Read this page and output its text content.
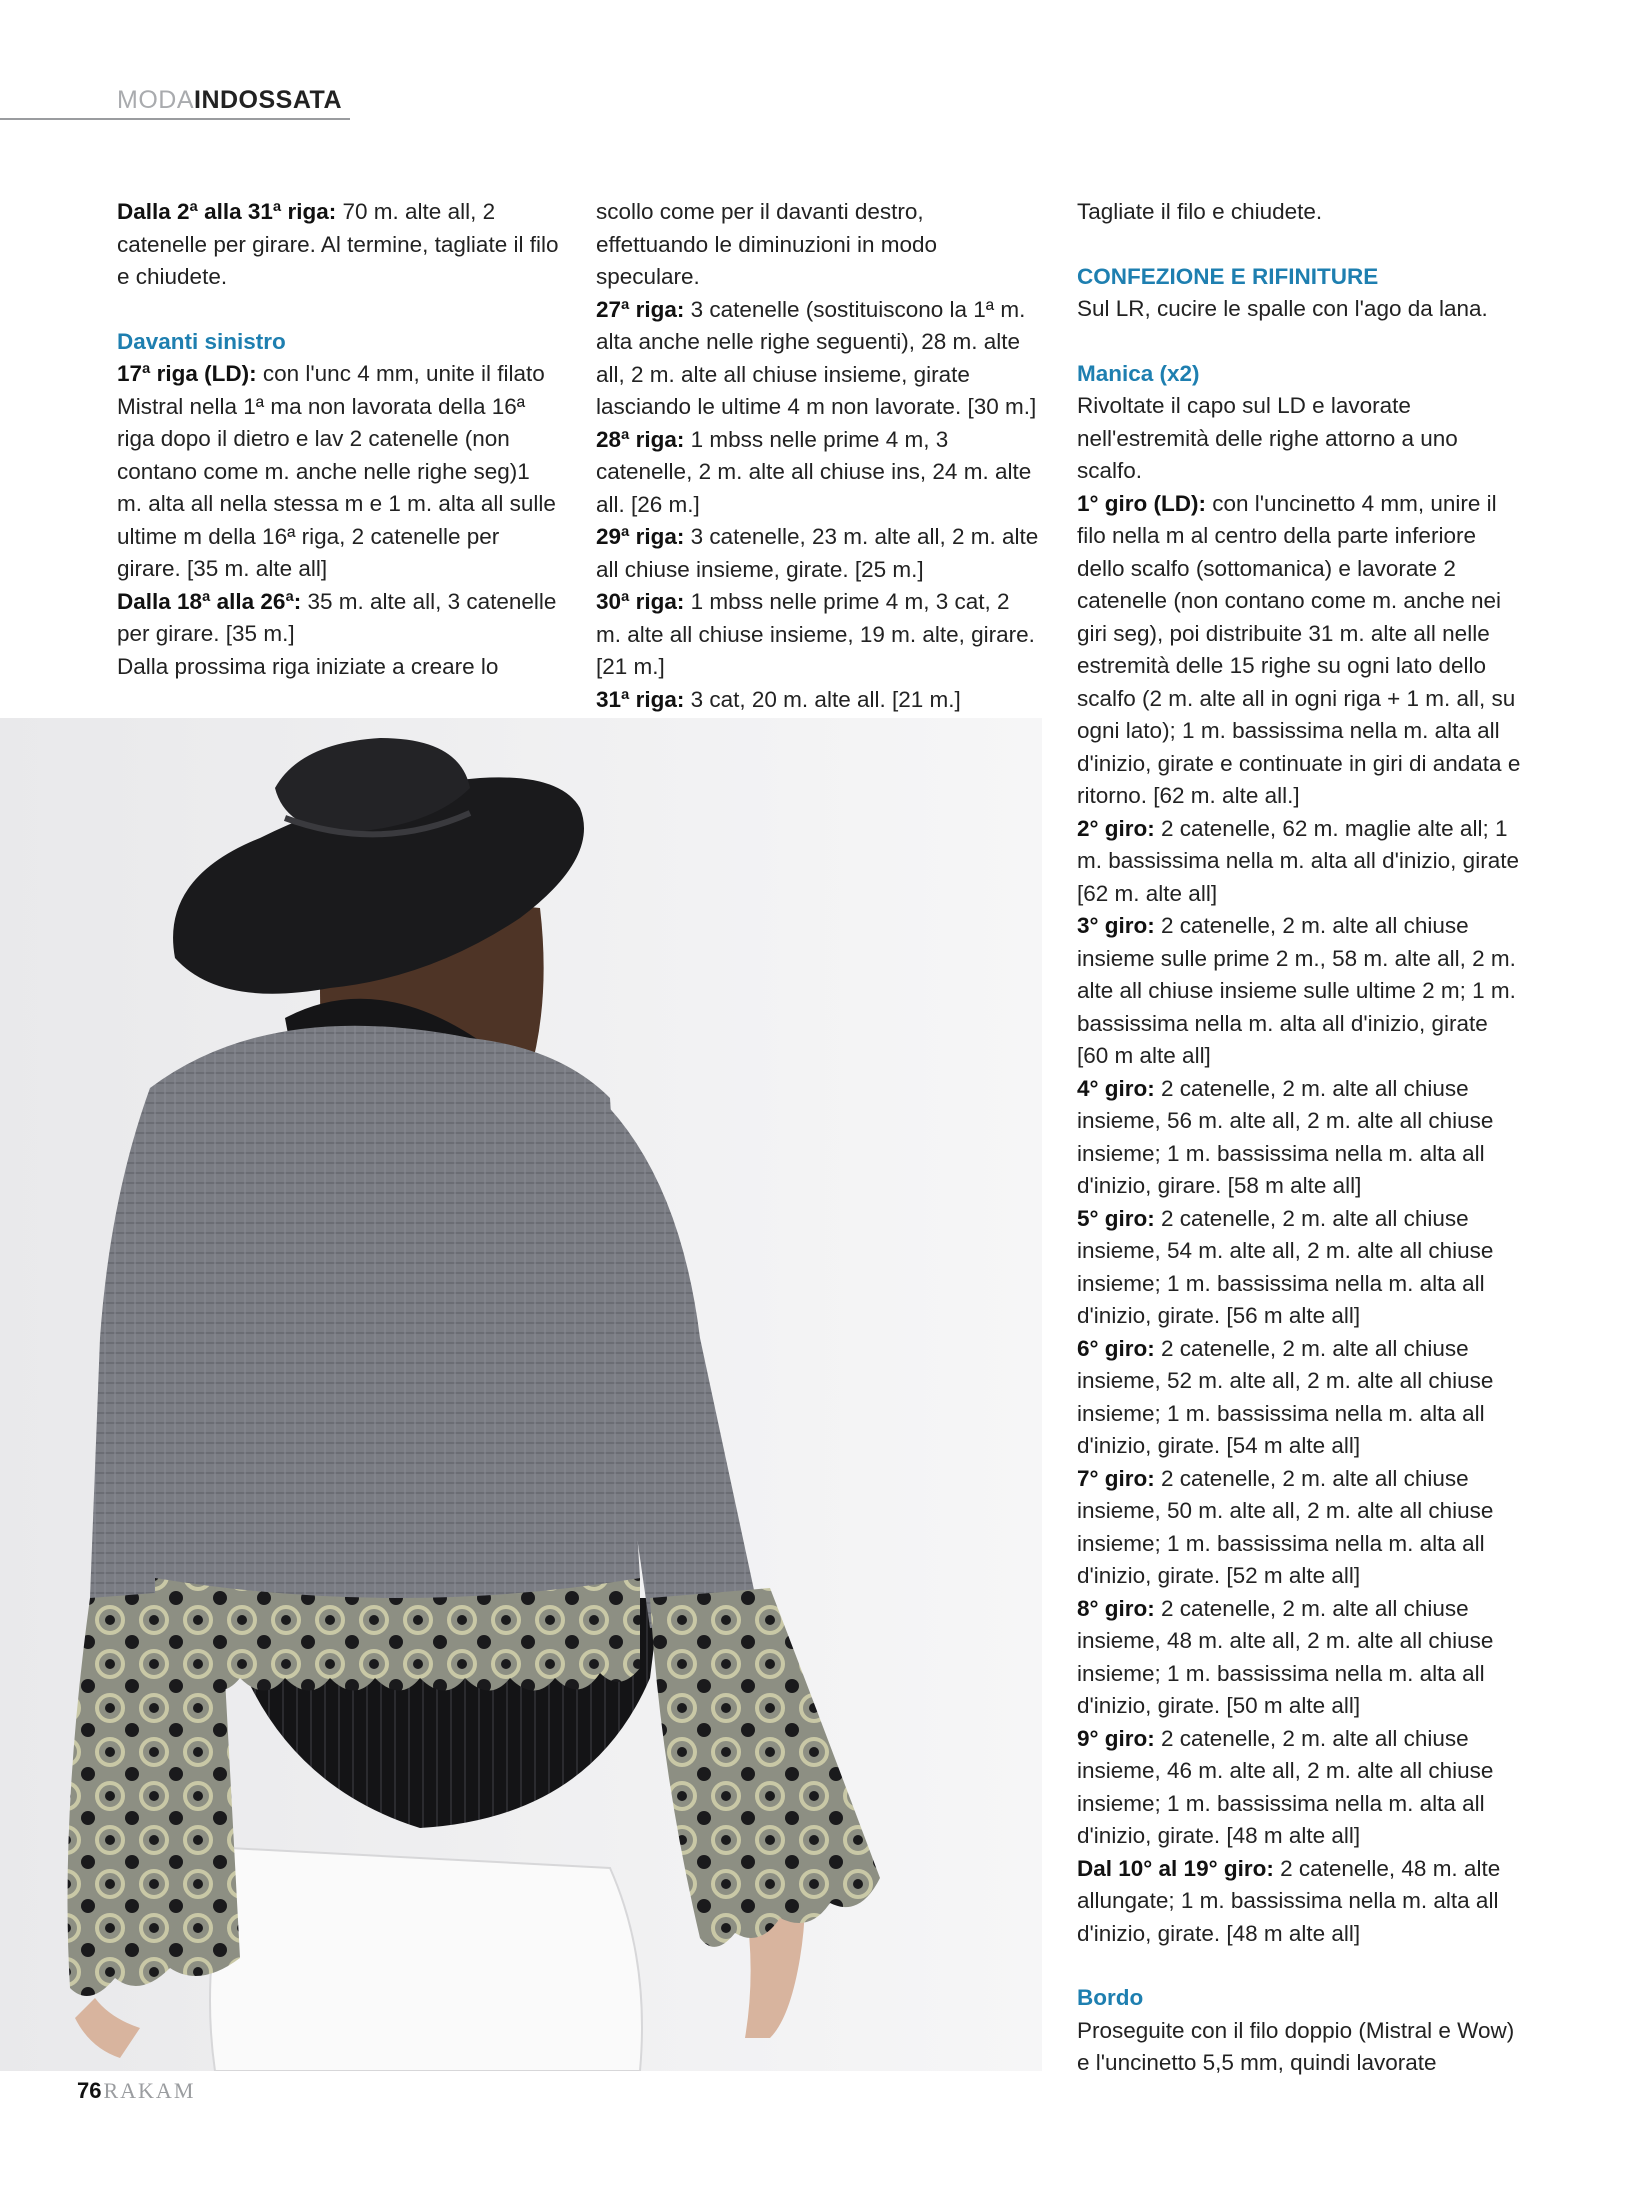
MODAINDOSSATA

Dalla 2ª alla 31ª riga: 70 m. alte all, 2 catenelle per girare. Al termine, tagliate il filo e chiudete.

Davanti sinistro

17ª riga (LD): con l'unc 4 mm, unite il filato Mistral nella 1ª ma non lavorata della 16ª riga dopo il dietro e lav 2 catenelle (non contano come m. anche nelle righe seg)1 m. alta all nella stessa m e 1 m. alta all sulle ultime m della 16ª riga, 2 catenelle per girare. [35 m. alte all]

Dalla 18ª alla 26ª: 35 m. alte all, 3 catenelle per girare. [35 m.]

Dalla prossima riga iniziate a creare lo

scollo come per il davanti destro, effettuando le diminuzioni in modo speculare.

27ª riga: 3 catenelle (sostituiscono la 1ª m. alta anche nelle righe seguenti), 28 m. alte all, 2 m. alte all chiuse insieme, girate lasciando le ultime 4 m non lavorate. [30 m.]

28ª riga: 1 mbss nelle prime 4 m, 3 catenelle, 2 m. alte all chiuse ins, 24 m. alte all. [26 m.]

29ª riga: 3 catenelle, 23 m. alte all, 2 m. alte all chiuse insieme, girate. [25 m.]

30ª riga: 1 mbss nelle prime 4 m, 3 cat, 2 m. alte all chiuse insieme, 19 m. alte, girare. [21 m.]

31ª riga: 3 cat, 20 m. alte all. [21 m.]

Tagliate il filo e chiudete.

CONFEZIONE E RIFINITURE

Sul LR, cucire le spalle con l'ago da lana.

Manica (x2)

Rivoltate il capo sul LD e lavorate nell'estremità delle righe attorno a uno scalfo.

1° giro (LD): con l'uncinetto 4 mm, unire il filo nella m al centro della parte inferiore dello scalfo (sottomanica) e lavorate 2 catenelle (non contano come m. anche nei giri seg), poi distribuite 31 m. alte all nelle estremità delle 15 righe su ogni lato dello scalfo (2 m. alte all in ogni riga + 1 m. all, su ogni lato); 1 m. bassissima nella m. alta all d'inizio, girate e continuate in giri di andata e ritorno. [62 m. alte all.]

2° giro: 2 catenelle, 62 m. maglie alte all; 1 m. bassissima nella m. alta all d'inizio, girate [62 m. alte all]

3° giro: 2 catenelle, 2 m. alte all chiuse insieme sulle prime 2 m., 58 m. alte all, 2 m. alte all chiuse insieme sulle ultime 2 m; 1 m. bassissima nella m. alta all d'inizio, girate [60 m alte all]

4° giro: 2 catenelle, 2 m. alte all chiuse insieme, 56 m. alte all, 2 m. alte all chiuse insieme; 1 m. bassissima nella m. alta all d'inizio, girare. [58 m alte all]

5° giro: 2 catenelle, 2 m. alte all chiuse insieme, 54 m. alte all, 2 m. alte all chiuse insieme; 1 m. bassissima nella m. alta all d'inizio, girate. [56 m alte all]

6° giro: 2 catenelle, 2 m. alte all chiuse insieme, 52 m. alte all, 2 m. alte all chiuse insieme; 1 m. bassissima nella m. alta all d'inizio, girate. [54 m alte all]

7° giro: 2 catenelle, 2 m. alte all chiuse insieme, 50 m. alte all, 2 m. alte all chiuse insieme; 1 m. bassissima nella m. alta all d'inizio, girate. [52 m alte all]

8° giro: 2 catenelle, 2 m. alte all chiuse insieme, 48 m. alte all, 2 m. alte all chiuse insieme; 1 m. bassissima nella m. alta all d'inizio, girate. [50 m alte all]

9° giro: 2 catenelle, 2 m. alte all chiuse insieme, 46 m. alte all, 2 m. alte all chiuse insieme; 1 m. bassissima nella m. alta all d'inizio, girate. [48 m alte all]

Dal 10° al 19° giro: 2 catenelle, 48 m. alte allungate; 1 m. bassissima nella m. alta all d'inizio, girate. [48 m alte all]

Bordo

Proseguite con il filo doppio (Mistral e Wow) e l'uncinetto 5,5 mm, quindi lavorate

76RAKAM
